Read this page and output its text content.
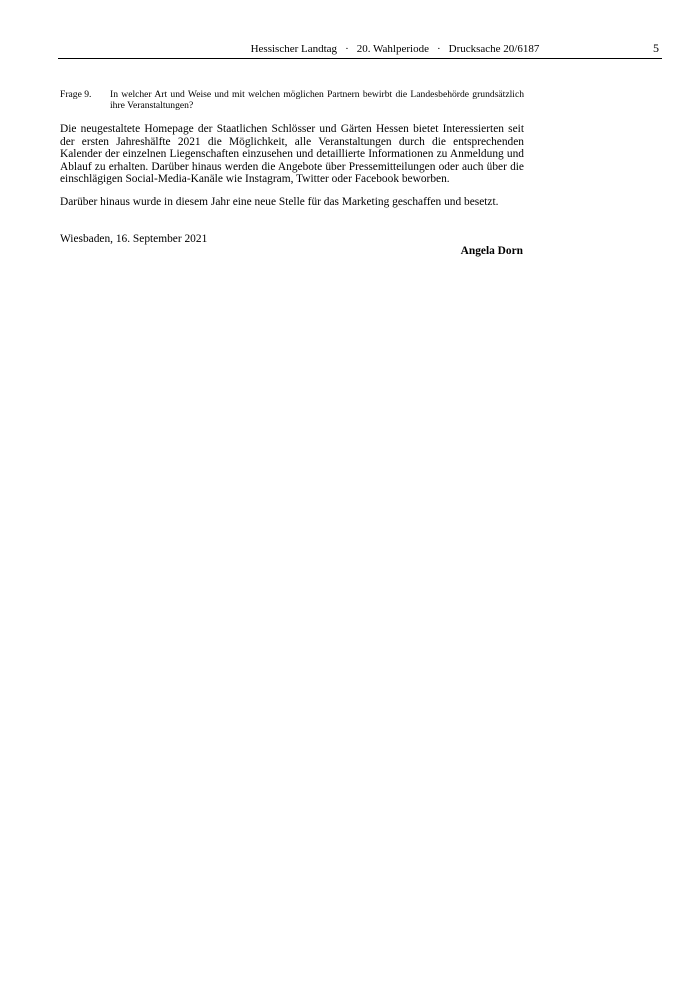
Hessischer Landtag · 20. Wahlperiode · Drucksache 20/6187	5
Frage 9.	In welcher Art und Weise und mit welchen möglichen Partnern bewirbt die Landesbehörde grundsätzlich ihre Veranstaltungen?

Die neugestaltete Homepage der Staatlichen Schlösser und Gärten Hessen bietet Interessierten seit der ersten Jahreshälfte 2021 die Möglichkeit, alle Veranstaltungen durch die entsprechenden Kalender der einzelnen Liegenschaften einzusehen und detaillierte Informationen zu Anmeldung und Ablauf zu erhalten. Darüber hinaus werden die Angebote über Pressemitteilungen oder auch über die einschlägigen Social-Media-Kanäle wie Instagram, Twitter oder Facebook beworben.

Darüber hinaus wurde in diesem Jahr eine neue Stelle für das Marketing geschaffen und besetzt.

Wiesbaden, 16. September 2021
Angela Dorn
